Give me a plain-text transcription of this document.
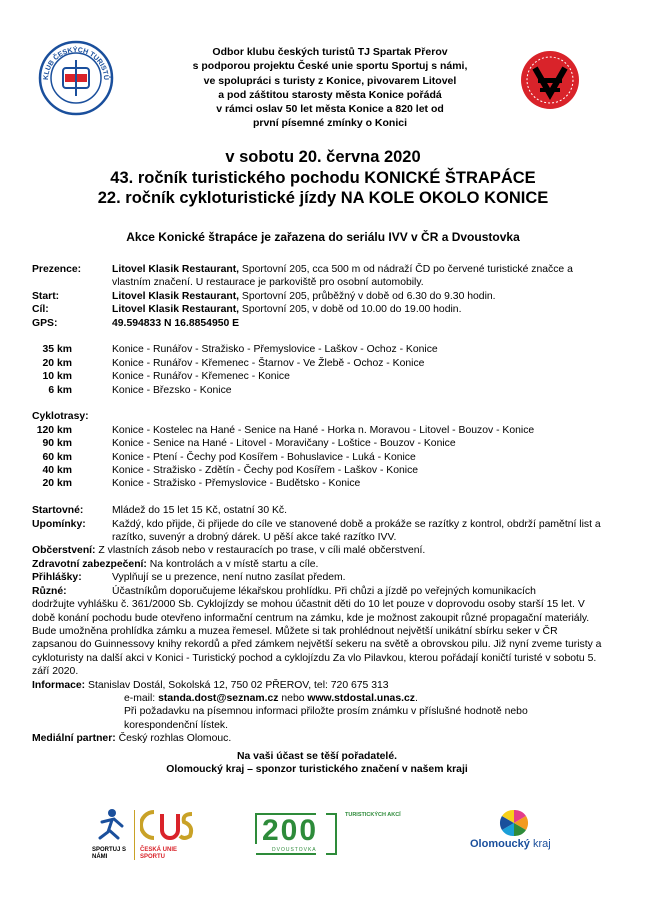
KLUB ČESKÝCH TURISTŮ
Odbor klubu českých turistů TJ Spartak Přerov
s podporou projektu České unie sportu Sportuj s námi,
ve spolupráci s turisty z Konice, pivovarem Litovel
a pod záštitou starosty města Konice pořádá
v rámci oslav 50 let města Konice a 820 let od
první písemné zmínky o Konici
v sobotu 20. června 2020
43. ročník turistického pochodu KONICKÉ ŠTRAPÁCE
22. ročník cykloturistické jízdy NA KOLE OKOLO KONICE
Akce Konické štrapáce je zařazena do seriálu IVV v ČR a Dvoustovka
Prezence:	Litovel Klasik Restaurant, Sportovní 205, cca 500 m od nádraží ČD po červené turistické značce a vlastním značení. U restaurace je parkoviště pro osobní automobily.
Start:	Litovel Klasik Restaurant, Sportovní 205, průběžný v době od 6.30 do 9.30 hodin.
Cíl:	Litovel Klasik Restaurant, Sportovní 205, v době od 10.00 do 19.00 hodin.
GPS:	49.594833 N 16.8854950 E
35 km	Konice - Runářov - Stražisko - Přemyslovice - Laškov - Ochoz - Konice
20 km	Konice - Runářov - Křemenec - Štarnov - Ve Žlebě - Ochoz - Konice
10 km	Konice - Runářov - Křemenec - Konice
6 km	Konice - Březsko - Konice
Cyklotrasy:
120 km	Konice - Kostelec na Hané - Senice na Hané - Horka n. Moravou - Litovel - Bouzov - Konice
90 km	Konice - Senice na Hané - Litovel - Moravičany - Loštice - Bouzov - Konice
60 km	Konice - Ptení - Čechy pod Kosířem - Bohuslavice - Luká - Konice
40 km	Konice - Stražisko - Zdětín - Čechy pod Kosířem - Laškov - Konice
20 km	Konice - Stražisko - Přemyslovice - Budětsko - Konice
Startovné:	Mládež do 15 let 15 Kč, ostatní 30 Kč.
Upomínky:	Každý, kdo přijde, či přijede do cíle ve stanovené době a prokáže se razítky z kontrol, obdrží pamětní list a razítko, suvenýr a drobný dárek. U pěší akce také razítko IVV.
Občerstvení: Z vlastních zásob nebo v restauracích po trase, v cíli malé občerstvení.
Zdravotní zabezpečení: Na kontrolách a v místě startu a cíle.
Přihlášky:	Vyplňují se u prezence, není nutno zasílat předem.
Různé:	Účastníkům doporučujeme lékařskou prohlídku. Při chůzi a jízdě po veřejných komunikacích
dodržujte vyhlášku č. 361/2000 Sb. Cyklojízdy se mohou účastnit děti do 10 let pouze v doprovodu osoby starší 15 let. V době konání pochodu bude otevřeno informační centrum na zámku, kde je možnost zakoupit různé propagační materiály. Bude umožněna prohlídka zámku a muzea řemesel. Můžete si tak prohlédnout největší unikátní sbírku seker v ČR zapsanou do Guinnessovy knihy rekordů a před zámkem největší sekeru na světě a obrovskou pilu. Již nyní zveme turisty a cykloturisty na další akci v Konici - Turistický pochod a cyklojízdu Za vlo Pilavkou, kterou pořádají koničtí turisté v sobotu 5. září 2020.
Informace: Stanislav Dostál, Sokolská 12, 750 02 PŘEROV, tel: 720 675 313
e-mail: standa.dost@seznam.cz nebo www.stdostal.unas.cz.
Při požadavku na písemnou informaci přiložte prosím známku v příslušné hodnotě nebo korespondenční lístek.
Mediální partner: Český rozhlas Olomouc.
Na vaši účast se těší pořadatelé.
Olomoucký kraj – sponzor turistického značení v našem kraji
SPORTUJ S NÁMI
ČESKÁ UNIE SPORTU
200
DVOUSTOVKA
TURISTICKÝCH AKCÍ
Olomoucký kraj
